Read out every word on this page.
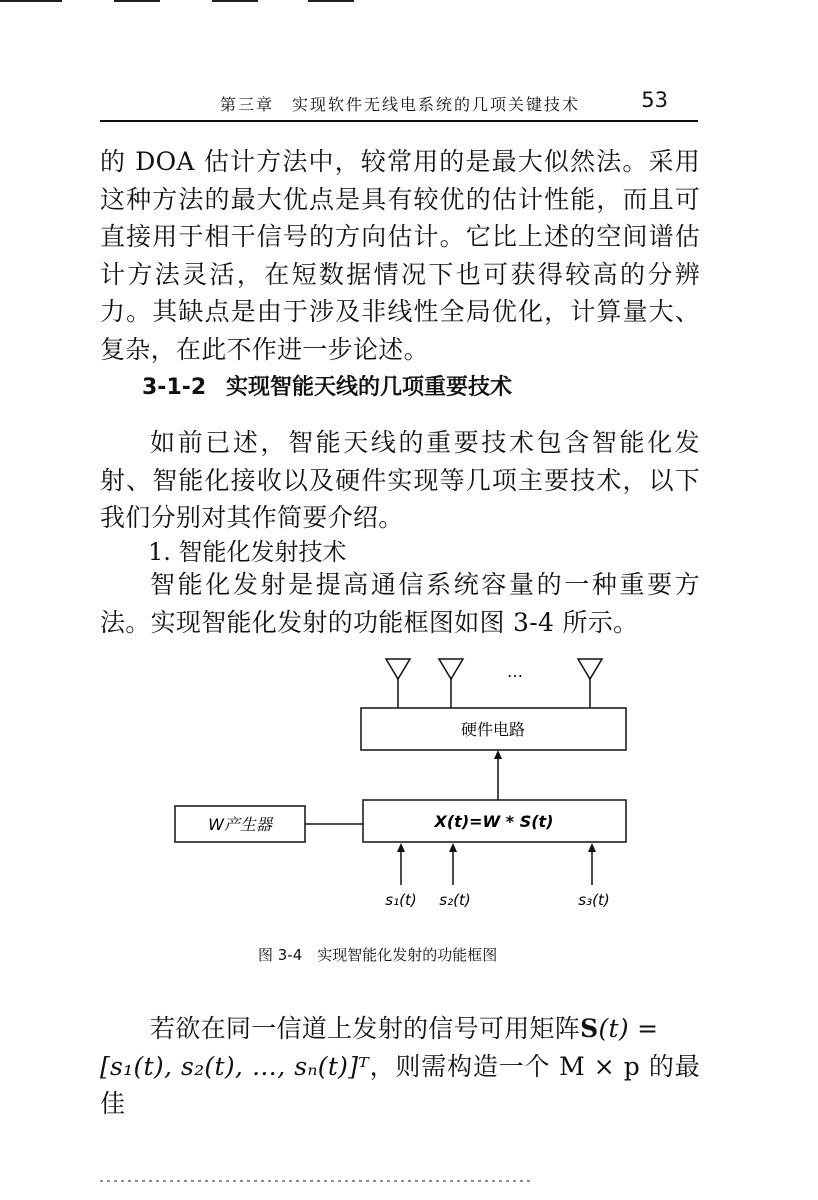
第三章　实现软件无线电系统的几项关键技术	53

的 DOA 估计方法中，较常用的是最大似然法。采用这种方法的最大优点是具有较优的估计性能，而且可直接用于相干信号的方向估计。它比上述的空间谱估计方法灵活，在短数据情况下也可获得较高的分辨力。其缺点是由于涉及非线性全局优化，计算量大、复杂，在此不作进一步论述。

3-1-2 实现智能天线的几项重要技术

如前已述，智能天线的重要技术包含智能化发射、智能化接收以及硬件实现等几项主要技术，以下我们分别对其作简要介绍。

1. 智能化发射技术

智能化发射是提高通信系统容量的一种重要方法。实现智能化发射的功能框图如图 3-4 所示。

…
硬件电路
W产生器	X(t)=W * S(t)
s₁(t) s₂(t)	s₃(t)
图 3-4　实现智能化发射的功能框图
若欲在同一信道上发射的信号可用矩阵S(t) =
[s₁(t), s₂(t), …, sₙ(t)]ᵀ，则需构造一个 M × p 的最佳
